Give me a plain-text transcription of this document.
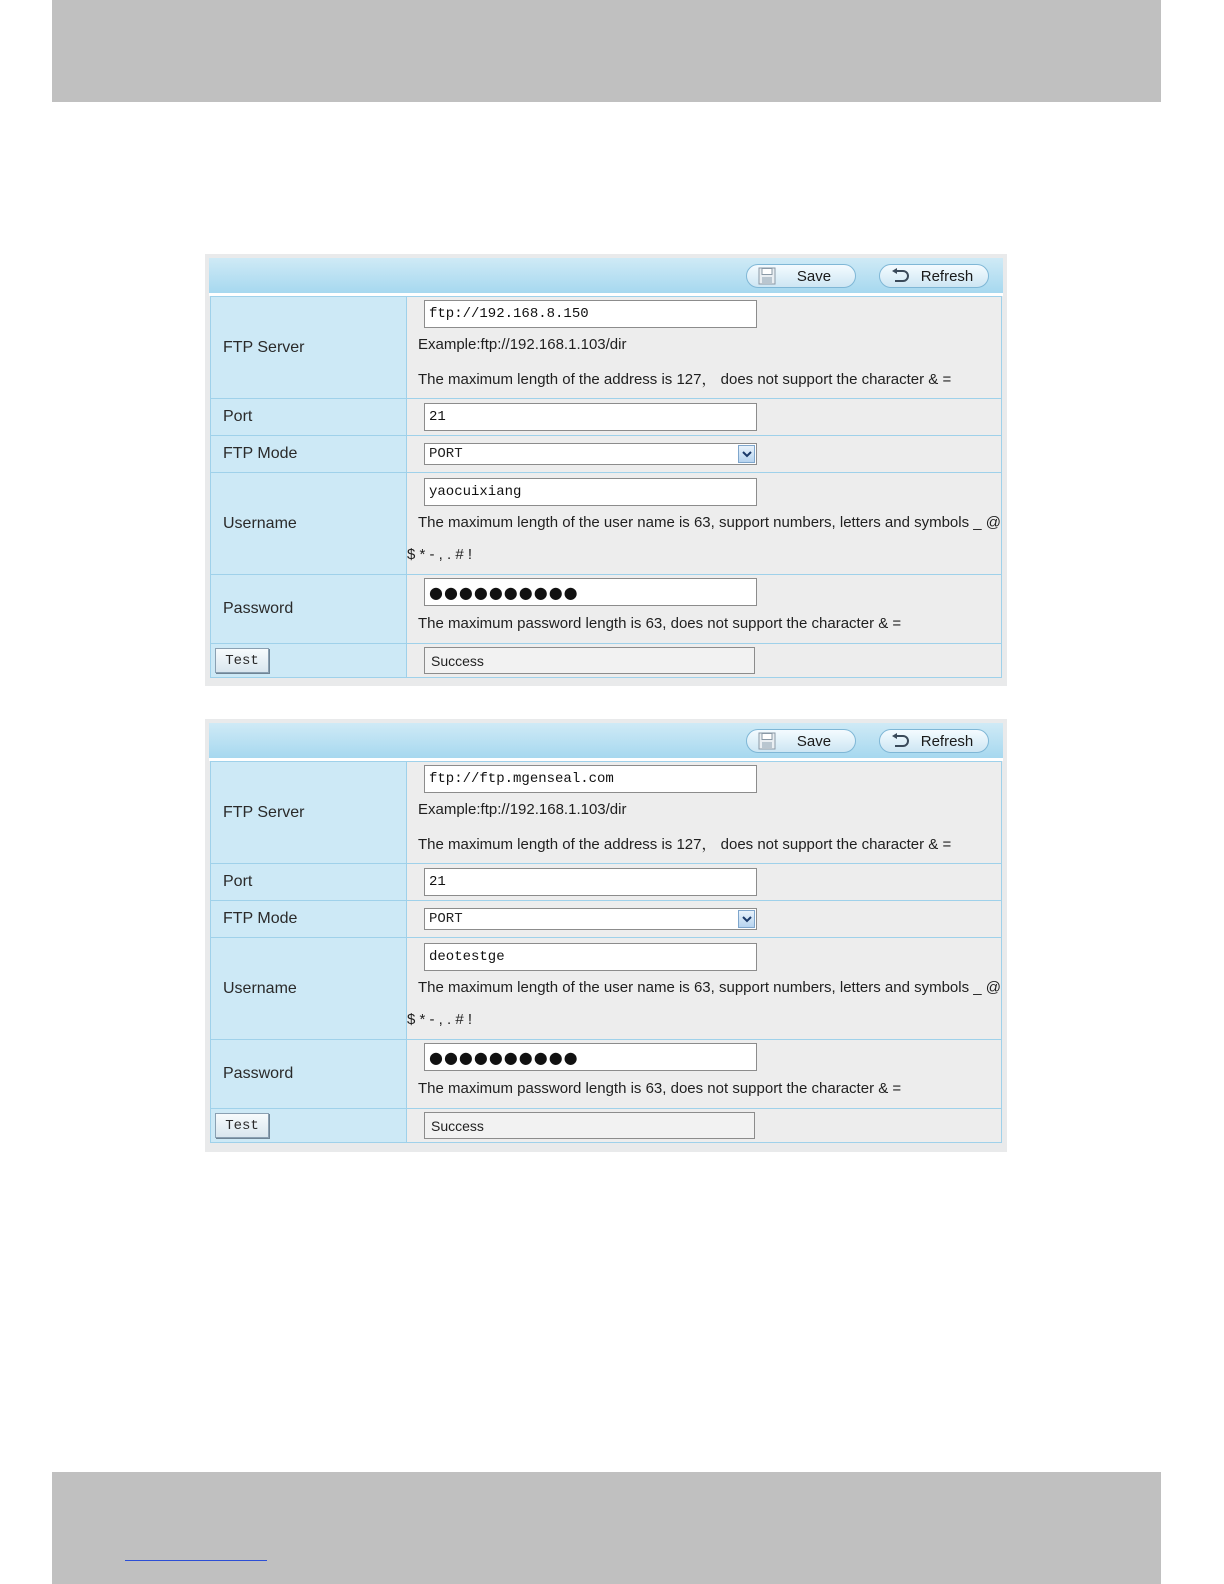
Save	Refresh
FTP Server	ftp://192.168.8.150
Example:ftp://192.168.1.103/dir
The maximum length of the address is 127， does not support the character & =

Port	21

FTP Mode	PORT

Username	yaocuixiang
The maximum length of the user name is 63, support numbers, letters and symbols _ @
$ * - , . # !

Password	●●●●●●●●●●
The maximum password length is 63, does not support the character & =

Test	Success
Save	Refresh
FTP Server	ftp://ftp.mgenseal.com
Example:ftp://192.168.1.103/dir
The maximum length of the address is 127， does not support the character & =

Port	21

FTP Mode	PORT

Username	deotestge
The maximum length of the user name is 63, support numbers, letters and symbols _ @
$ * - , . # !

Password	●●●●●●●●●●
The maximum password length is 63, does not support the character & =

Test	Success
